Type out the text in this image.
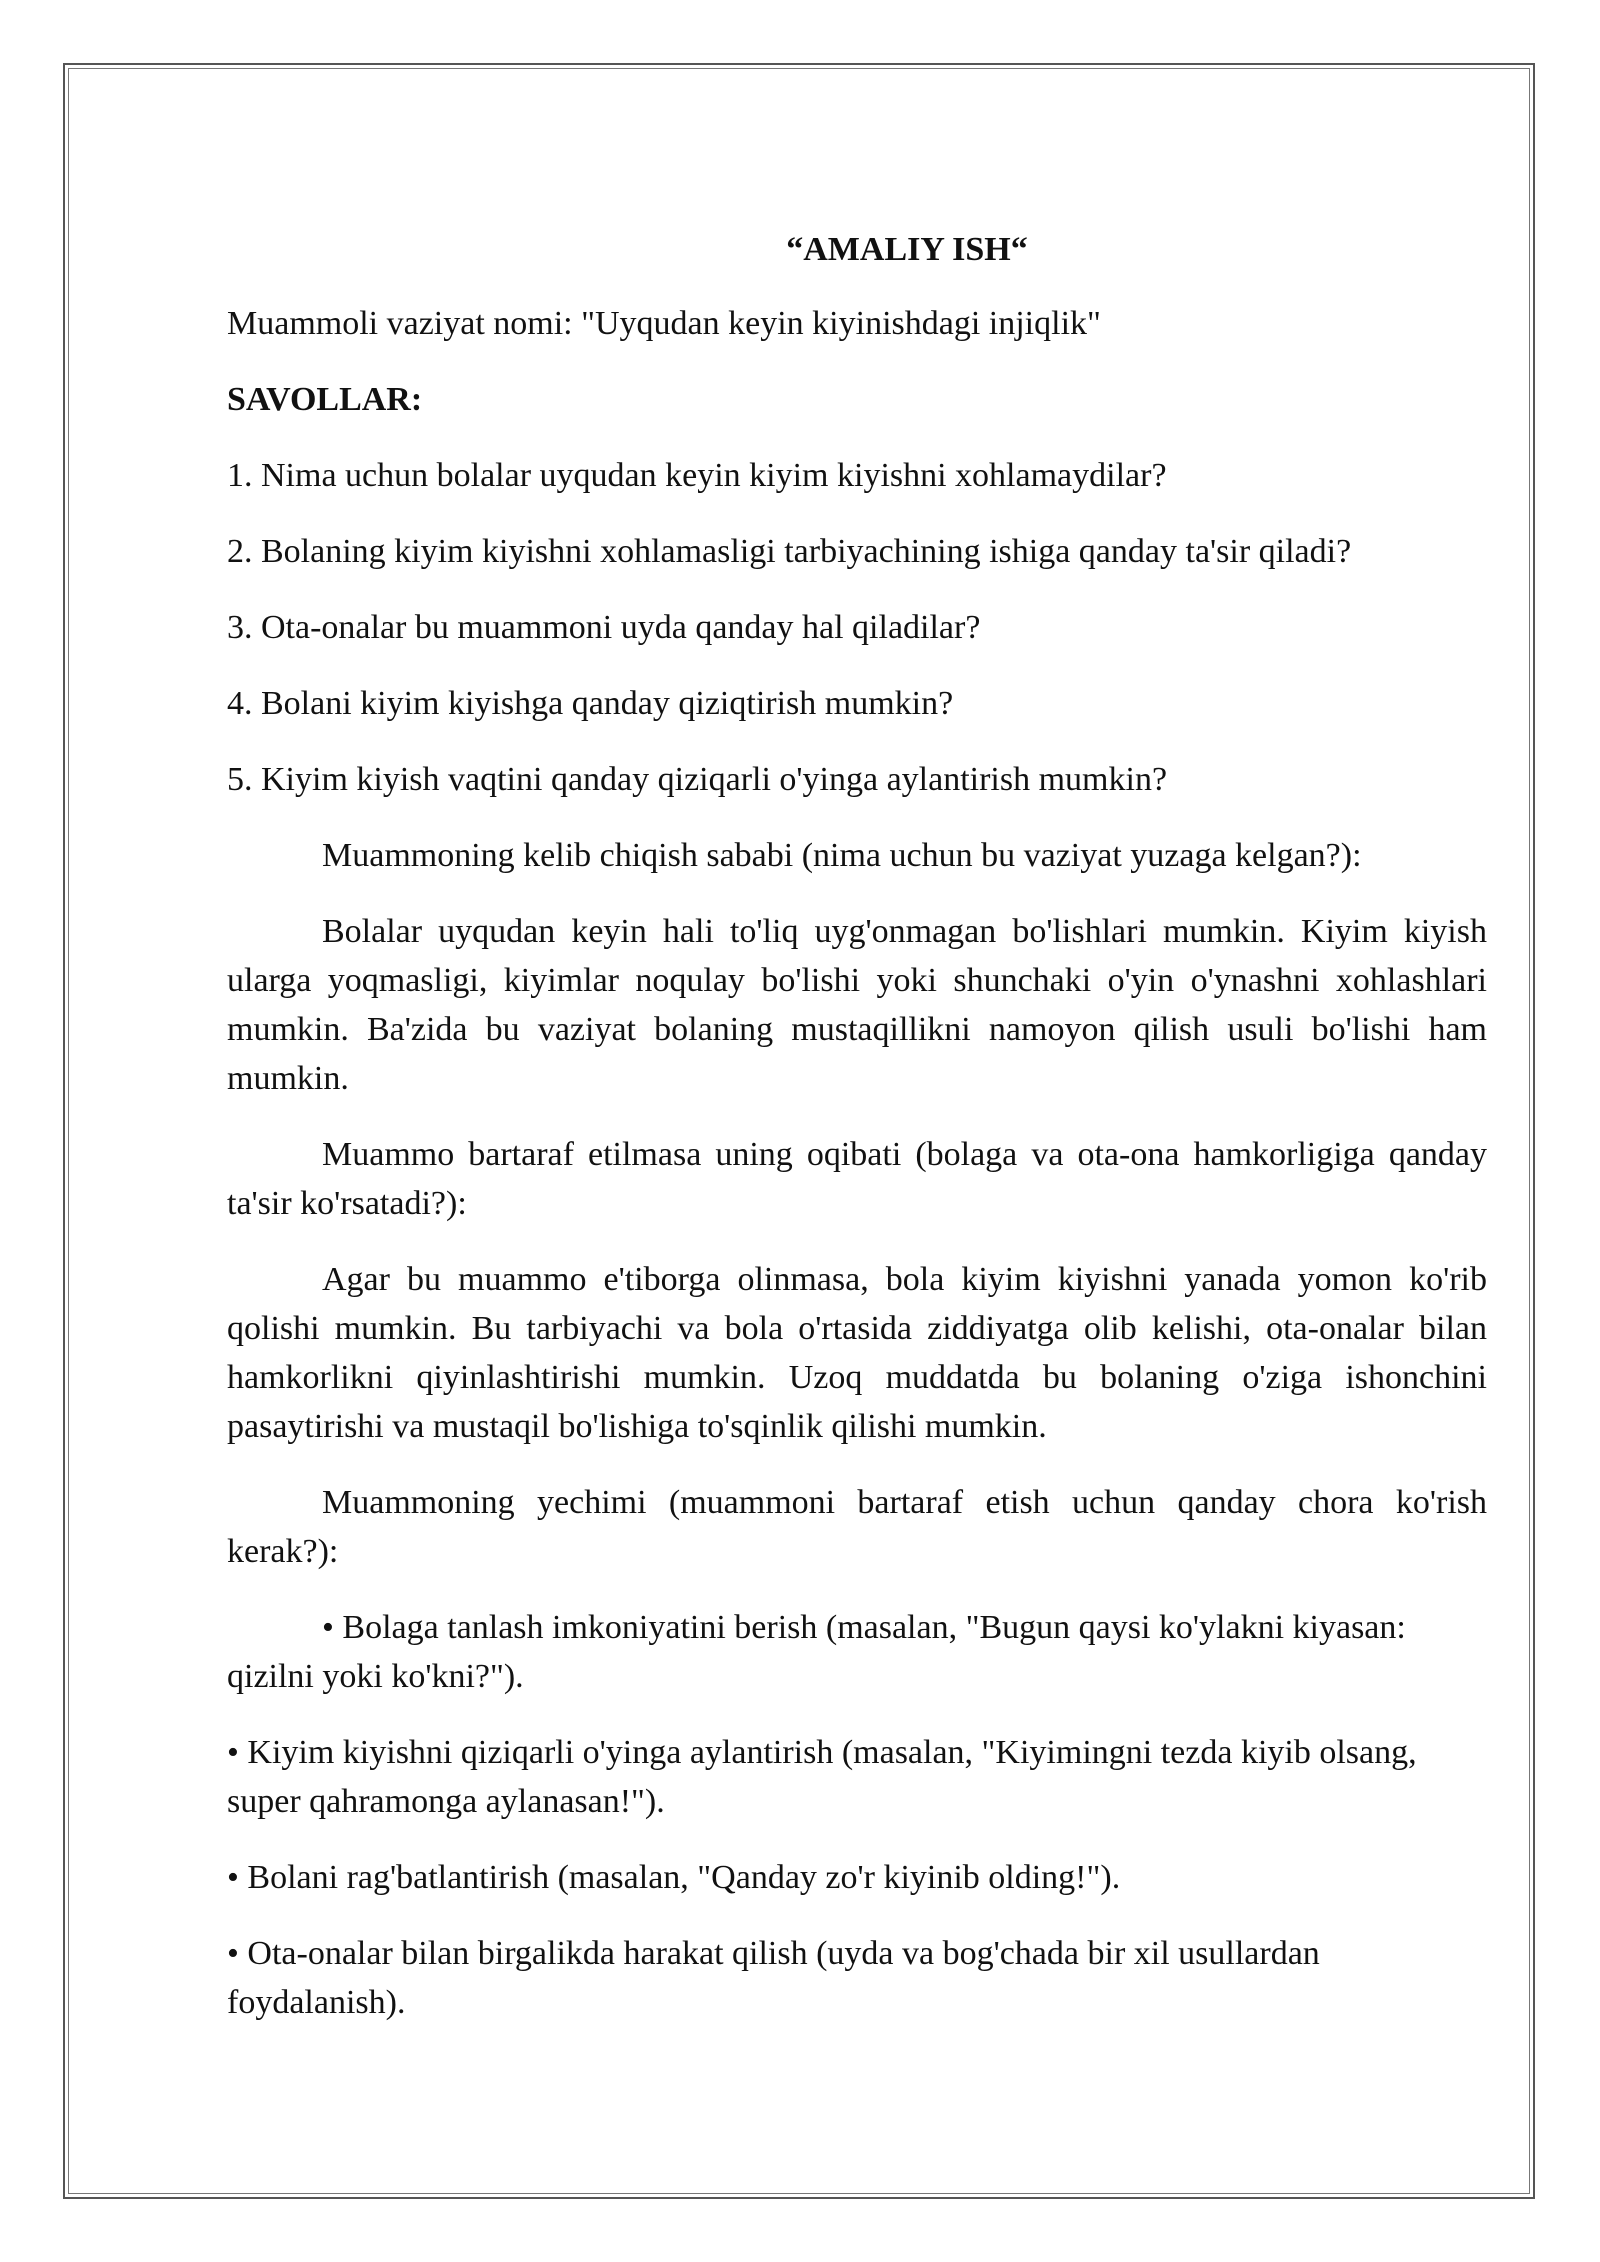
“AMALIY ISH“

Muammoli vaziyat nomi: "Uyqudan keyin kiyinishdagi injiqlik"

SAVOLLAR:

1. Nima uchun bolalar uyqudan keyin kiyim kiyishni xohlamaydilar?

2. Bolaning kiyim kiyishni xohlamasligi tarbiyachining ishiga qanday ta'sir qiladi?

3. Ota-onalar bu muammoni uyda qanday hal qiladilar?

4. Bolani kiyim kiyishga qanday qiziqtirish mumkin?

5. Kiyim kiyish vaqtini qanday qiziqarli o'yinga aylantirish mumkin?

Muammoning kelib chiqish sababi (nima uchun bu vaziyat yuzaga kelgan?):

Bolalar uyqudan keyin hali to'liq uyg'onmagan bo'lishlari mumkin. Kiyim kiyish ularga yoqmasligi, kiyimlar noqulay bo'lishi yoki shunchaki o'yin o'ynashni xohlashlari mumkin. Ba'zida bu vaziyat bolaning mustaqillikni namoyon qilish usuli bo'lishi ham mumkin.

Muammo bartaraf etilmasa uning oqibati (bolaga va ota-ona hamkorligiga qanday ta'sir ko'rsatadi?):

Agar bu muammo e'tiborga olinmasa, bola kiyim kiyishni yanada yomon ko'rib qolishi mumkin. Bu tarbiyachi va bola o'rtasida ziddiyatga olib kelishi, ota-onalar bilan hamkorlikni qiyinlashtirishi mumkin. Uzoq muddatda bu bolaning o'ziga ishonchini pasaytirishi va mustaqil bo'lishiga to'sqinlik qilishi mumkin.

Muammoning yechimi (muammoni bartaraf etish uchun qanday chora ko'rish kerak?):

• Bolaga tanlash imkoniyatini berish (masalan, "Bugun qaysi ko'ylakni kiyasan: qizilni yoki ko'kni?").

• Kiyim kiyishni qiziqarli o'yinga aylantirish (masalan, "Kiyimingni tezda kiyib olsang, super qahramonga aylanasan!").

• Bolani rag'batlantirish (masalan, "Qanday zo'r kiyinib olding!").

• Ota-onalar bilan birgalikda harakat qilish (uyda va bog'chada bir xil usullardan foydalanish).
